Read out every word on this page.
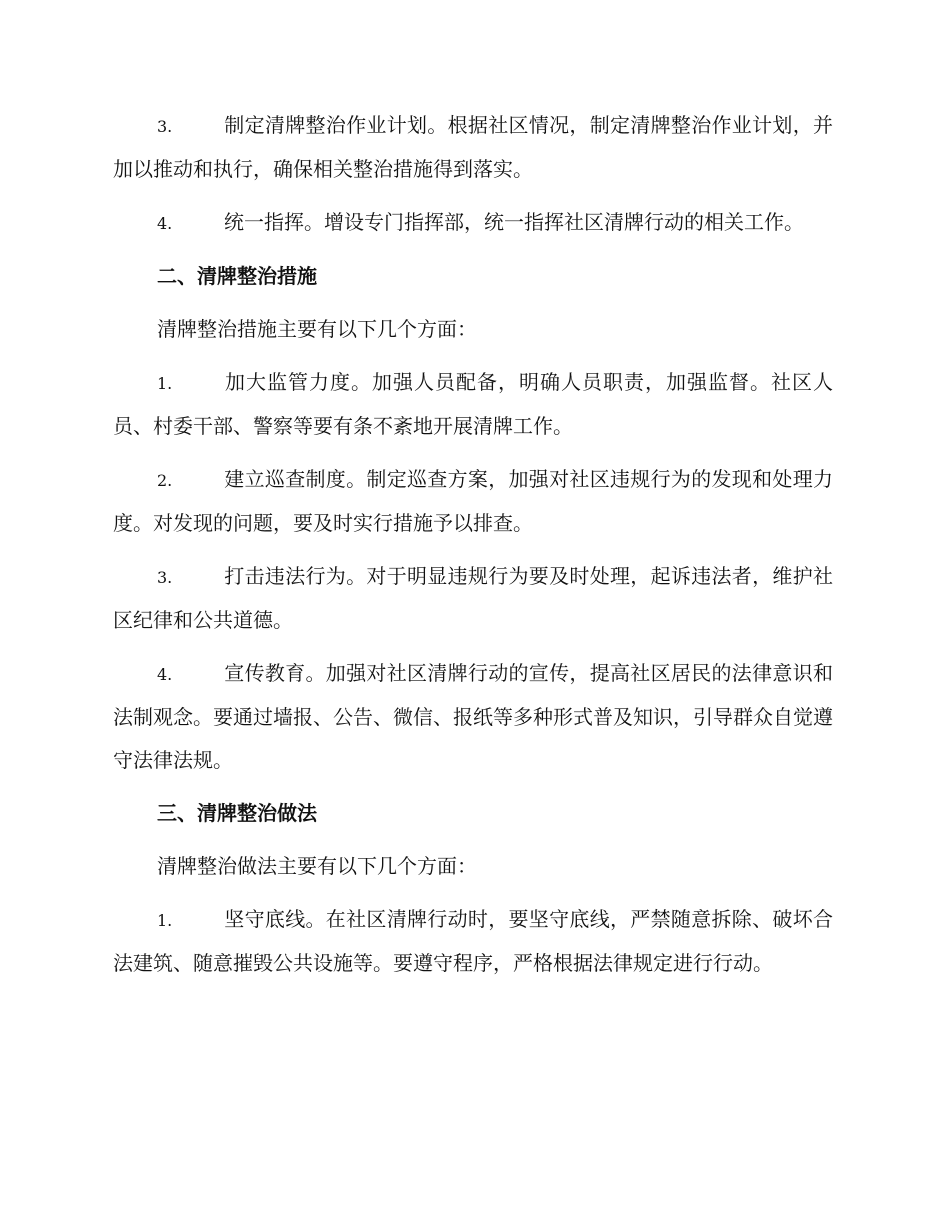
3.	制定清牌整治作业计划。根据社区情况，制定清牌整治作业计划，并加以推动和执行，确保相关整治措施得到落实。

4.	统一指挥。增设专门指挥部，统一指挥社区清牌行动的相关工作。

二、清牌整治措施

清牌整治措施主要有以下几个方面：

1.	加大监管力度。加强人员配备，明确人员职责，加强监督。社区人员、村委干部、警察等要有条不紊地开展清牌工作。

2.	建立巡查制度。制定巡查方案，加强对社区违规行为的发现和处理力度。对发现的问题，要及时实行措施予以排查。

3.	打击违法行为。对于明显违规行为要及时处理，起诉违法者，维护社区纪律和公共道德。

4.	宣传教育。加强对社区清牌行动的宣传，提高社区居民的法律意识和法制观念。要通过墙报、公告、微信、报纸等多种形式普及知识，引导群众自觉遵守法律法规。

三、清牌整治做法

清牌整治做法主要有以下几个方面：

1.	坚守底线。在社区清牌行动时，要坚守底线，严禁随意拆除、破坏合法建筑、随意摧毁公共设施等。要遵守程序，严格根据法律规定进行行动。
